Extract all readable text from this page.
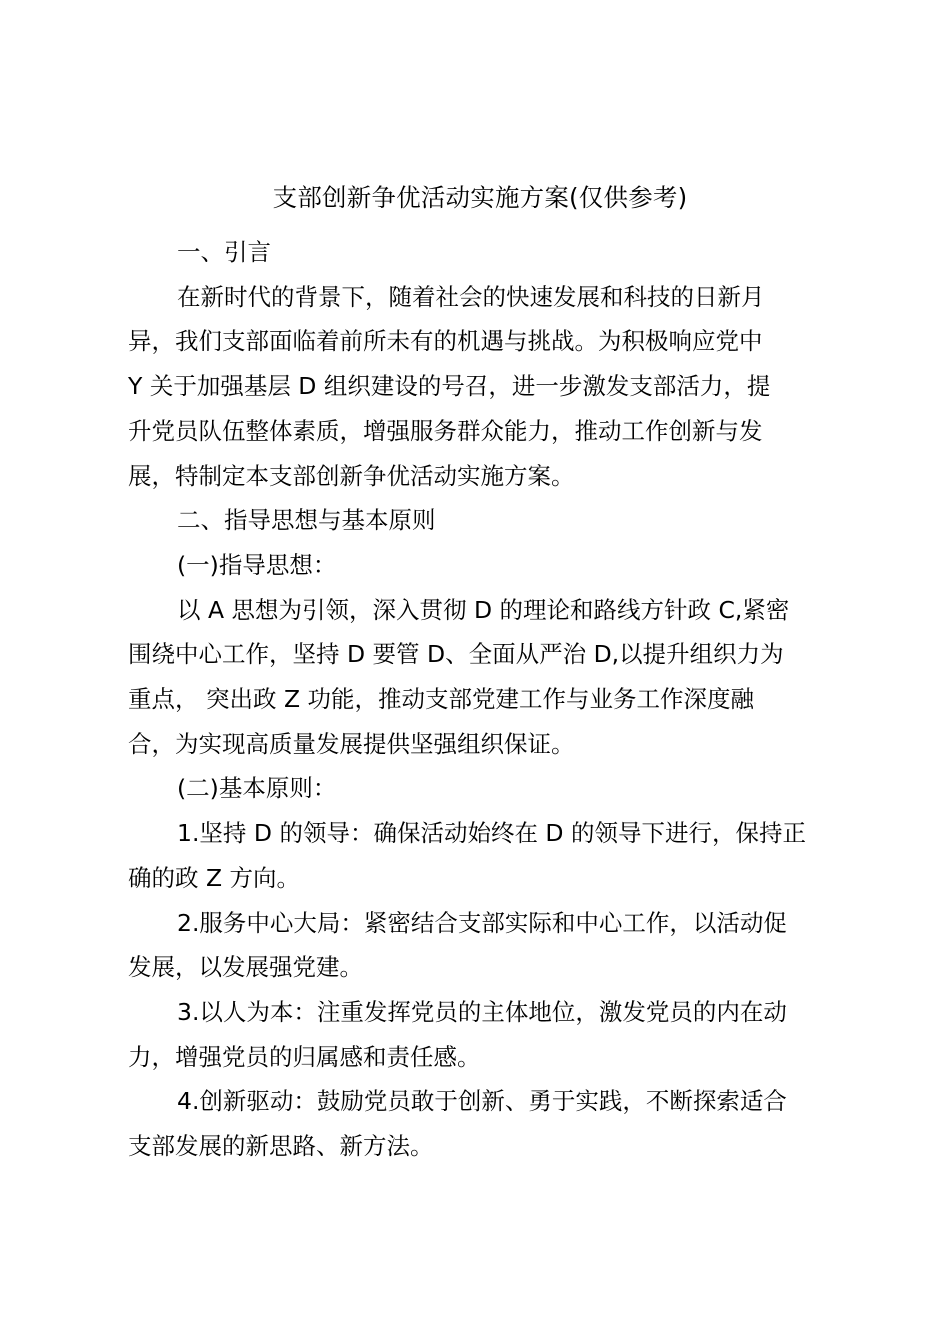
支部创新争优活动实施方案(仅供参考)

一、引言

在新时代的背景下，随着社会的快速发展和科技的日新月
异，我们支部面临着前所未有的机遇与挑战。为积极响应党中
Y 关于加强基层 D 组织建设的号召，进一步激发支部活力，提
升党员队伍整体素质，增强服务群众能力，推动工作创新与发
展，特制定本支部创新争优活动实施方案。

二、指导思想与基本原则

(一)指导思想：

以 A 思想为引领，深入贯彻 D 的理论和路线方针政 C,紧密
围绕中心工作，坚持 D 要管 D、全面从严治 D,以提升组织力为
重点， 突出政 Z 功能，推动支部党建工作与业务工作深度融
合，为实现高质量发展提供坚强组织保证。

(二)基本原则：

1.坚持 D 的领导：确保活动始终在 D 的领导下进行，保持正
确的政 Z 方向。

2.服务中心大局：紧密结合支部实际和中心工作，以活动促
发展，以发展强党建。

3.以人为本：注重发挥党员的主体地位，激发党员的内在动
力，增强党员的归属感和责任感。

4.创新驱动：鼓励党员敢于创新、勇于实践，不断探索适合
支部发展的新思路、新方法。
